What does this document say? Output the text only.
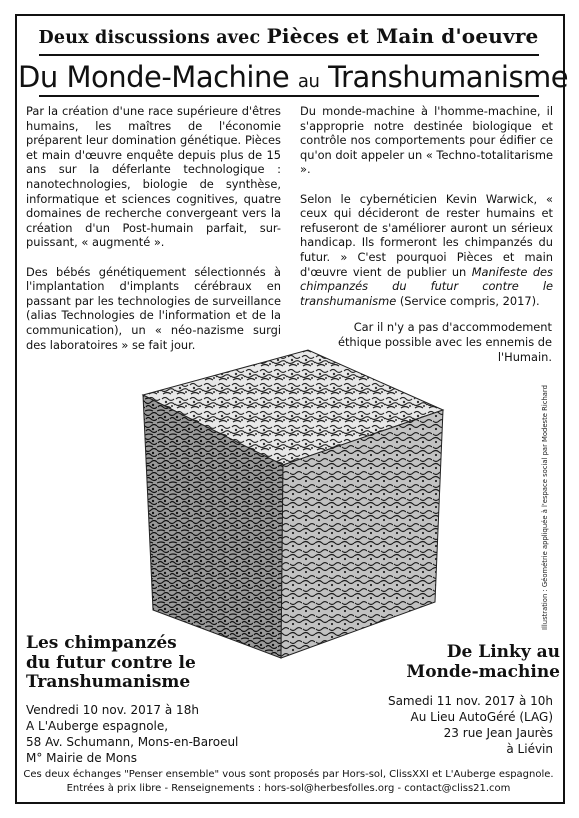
Deux discussions avec Pièces et Main d'oeuvre
Du Monde-Machine au Transhumanisme

Par la création d'une race supérieure d'êtres humains, les maîtres de l'économie préparent leur domination génétique. Pièces et main d'œuvre enquête depuis plus de 15 ans sur la déferlante technologique : nanotechnologies, biologie de synthèse, informatique et sciences cognitives, quatre domaines de recherche convergeant vers la création d'un Post-humain parfait, sur-puissant, « augmenté ».

Des bébés génétiquement sélectionnés à l'implantation d'implants cérébraux en passant par les technologies de surveillance (alias Technologies de l'information et de la communication), un « néo-nazisme surgi des laboratoires » se fait jour.

Du monde-machine à l'homme-machine, il s'approprie notre destinée biologique et contrôle nos comportements pour édifier ce qu'on doit appeler un « Techno-totalitarisme ».

Selon le cybernéticien Kevin Warwick, « ceux qui décideront de rester humains et refuseront de s'améliorer auront un sérieux handicap. Ils formeront les chimpanzés du futur. » C'est pourquoi Pièces et main d'œuvre vient de publier un Manifeste des chimpanzés du futur contre le transhumanisme (Service compris, 2017).

Car il n'y a pas d'accommodement éthique possible avec les ennemis de l'Humain.
Illustration : Géométrie appliquée à l'espace social par Modeste Richard
Les chimpanzés
du futur contre le
Transhumanisme
De Linky au
Monde-machine
Vendredi 10 nov. 2017 à 18h
A L'Auberge espagnole,
58 Av. Schumann, Mons-en-Baroeul
M° Mairie de Mons
Samedi 11 nov. 2017 à 10h
Au Lieu AutoGéré (LAG)
23 rue Jean Jaurès
à Liévin
Ces deux échanges "Penser ensemble" vous sont proposés par Hors-sol, ClissXXI et L'Auberge espagnole.
Entrées à prix libre - Renseignements : hors-sol@herbesfolles.org - contact@cliss21.com
